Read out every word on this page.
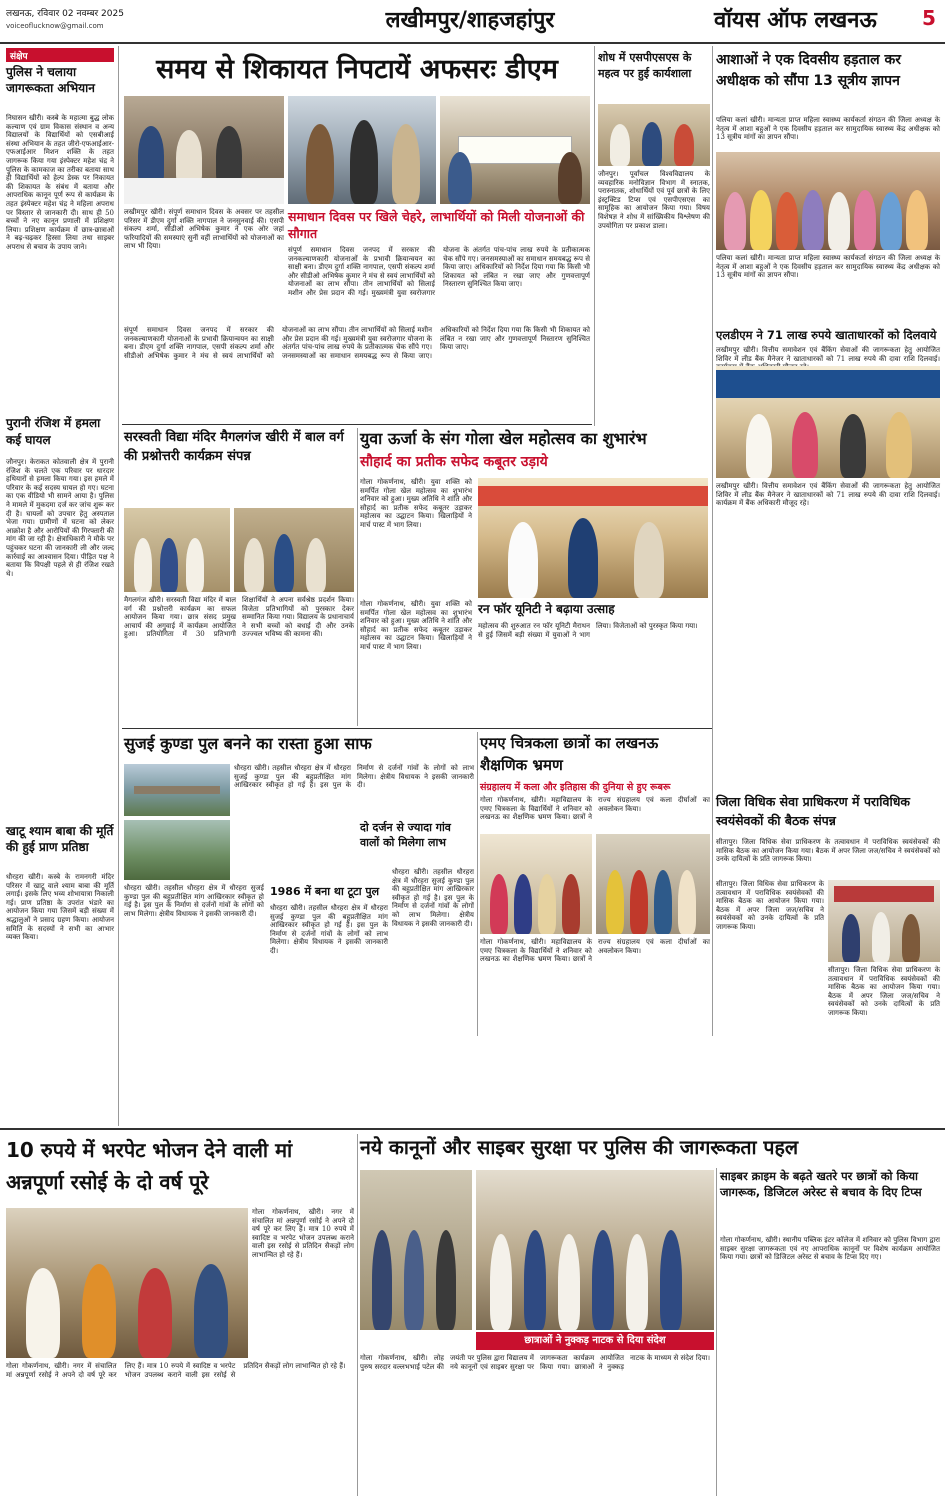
लखनऊ, रविवार 02 नवम्बर 2025
voiceoflucknow@gmail.com	लखीमपुर/शाहजहांपुर	वॉयस ऑफ लखनऊ	5
संक्षेप
पुलिस ने चलाया जागरूकता अभियान
निघासन खीरी। कस्बे के महात्मा बुद्ध लोक कल्याण एवं ग्राम विकास संस्थान व अन्य विद्यालयों के विद्यार्थियों को एसबीआई संस्था अभियान के तहत जीरो-एफआईआर-एफआईआर मिशन शक्ति के तहत जागरूक किया गया इंस्पेक्टर महेश चंद्र ने पुलिस के कामकाज का तरीका बताया साथ ही विद्यार्थियों को हेल्प डेस्क पर निकायत की शिकायत के संबंध में बताया और आपराधिक कानून पूर्ण रूप से कार्यक्रम के तहत इंस्पेक्टर महेश चंद्र ने महिला अपराध पर विस्तार से जानकारी दी। साथ ही 50 बच्चों ने नए कानून प्रणाली में प्रशिक्षण लिया। प्रशिक्षण कार्यक्रम में छात्र-छात्राओं ने बढ़-चढ़कर हिस्सा लिया तथा साइबर अपराध से बचाव के उपाय जाने।
पुरानी रंजिश में हमला कई घायल
जौनपुर। केराकत कोतवाली क्षेत्र में पुरानी रंजिश के चलते एक परिवार पर धारदार हथियारों से हमला किया गया। इस हमले में परिवार के कई सदस्य घायल हो गए। घटना का एक वीडियो भी सामने आया है। पुलिस ने मामले में मुकदमा दर्ज कर जांच शुरू कर दी है। घायलों को उपचार हेतु अस्पताल भेजा गया। ग्रामीणों में घटना को लेकर आक्रोश है और आरोपियों की गिरफ्तारी की मांग की जा रही है। क्षेत्राधिकारी ने मौके पर पहुंचकर घटना की जानकारी ली और जल्द कार्रवाई का आश्वासन दिया। पीड़ित पक्ष ने बताया कि विपक्षी पहले से ही रंजिश रखते थे।
खाटू श्याम बाबा की मूर्ति की हुई प्राण प्रतिष्ठा
धौरहरा खीरी। कस्बे के रामनगरी मंदिर परिसर में खाटू वाले श्याम बाबा की मूर्ति लगाई। इसके लिए भव्य शोभायात्रा निकाली गई। प्राण प्रतिष्ठा के उपरांत भंडारे का आयोजन किया गया जिसमें बड़ी संख्या में श्रद्धालुओं ने प्रसाद ग्रहण किया। आयोजन समिति के सदस्यों ने सभी का आभार व्यक्त किया।
समय से शिकायत निपटायें अफसरः डीएम
लखीमपुर खीरी। संपूर्ण समाधान दिवस के अवसर पर तहसील परिसर में डीएम दुर्गा शक्ति नागपाल ने जनसुनवाई की। एसपी संकल्प शर्मा, सीडीओ अभिषेक कुमार ने एक ओर जहां फरियादियों की समस्याएं सुनीं वहीं लाभार्थियों को योजनाओं का लाभ भी दिया।
समाधान दिवस पर खिले चेहरे, लाभार्थियों को मिली योजनाओं की सौगात
संपूर्ण समाधान दिवस जनपद में सरकार की जनकल्याणकारी योजनाओं के प्रभावी क्रियान्वयन का साक्षी बना। डीएम दुर्गा शक्ति नागपाल, एसपी संकल्प शर्मा और सीडीओ अभिषेक कुमार ने मंच से स्वयं लाभार्थियों को योजनाओं का लाभ सौंपा। तीन लाभार्थियों को सिलाई मशीन और प्रेस प्रदान की गई। मुख्यमंत्री युवा स्वरोजगार योजना के अंतर्गत पांच-पांच लाख रुपये के प्रतीकात्मक चेक सौंपे गए। जनसमस्याओं का समाधान समयबद्ध रूप से किया जाए। अधिकारियों को निर्देश दिया गया कि किसी भी शिकायत को लंबित न रखा जाए और गुणवत्तापूर्ण निस्तारण सुनिश्चित किया जाए।
संपूर्ण समाधान दिवस जनपद में सरकार की जनकल्याणकारी योजनाओं के प्रभावी क्रियान्वयन का साक्षी बना। डीएम दुर्गा शक्ति नागपाल, एसपी संकल्प शर्मा और सीडीओ अभिषेक कुमार ने मंच से स्वयं लाभार्थियों को योजनाओं का लाभ सौंपा। तीन लाभार्थियों को सिलाई मशीन और प्रेस प्रदान की गई। मुख्यमंत्री युवा स्वरोजगार योजना के अंतर्गत पांच-पांच लाख रुपये के प्रतीकात्मक चेक सौंपे गए। जनसमस्याओं का समाधान समयबद्ध रूप से किया जाए। अधिकारियों को निर्देश दिया गया कि किसी भी शिकायत को लंबित न रखा जाए और गुणवत्तापूर्ण निस्तारण सुनिश्चित किया जाए।
सरस्वती विद्या मंदिर मैगलगंज खीरी में बाल वर्ग की प्रश्नोत्तरी कार्यक्रम संपन्न
मैगलगंज खीरी। सरस्वती विद्या मंदिर में बाल वर्ग की प्रश्नोत्तरी कार्यक्रम का सफल आयोजन किया गया। छात्र संसद प्रमुख आचार्य की अगुवाई में कार्यक्रम आयोजित हुआ। प्रतियोगिता में 30 प्रतिभागी शिक्षार्थियों ने अपना सर्वश्रेष्ठ प्रदर्शन किया। विजेता प्रतिभागियों को पुरस्कार देकर सम्मानित किया गया। विद्यालय के प्रधानाचार्य ने सभी बच्चों को बधाई दी और उनके उज्ज्वल भविष्य की कामना की।
युवा ऊर्जा के संग गोला खेल महोत्सव का शुभारंभ
सौहार्द का प्रतीक सफेद कबूतर उड़ाये
गोला गोकर्णनाथ, खीरी। युवा शक्ति को समर्पित गोला खेल महोत्सव का शुभारंभ शनिवार को हुआ। मुख्य अतिथि ने शांति और सौहार्द का प्रतीक सफेद कबूतर उड़ाकर महोत्सव का उद्घाटन किया। खिलाड़ियों ने मार्च पास्ट में भाग लिया।
रन फॉर यूनिटी ने बढ़ाया उत्साह
महोत्सव की शुरुआत रन फॉर यूनिटी मैराथन से हुई जिसमें बड़ी संख्या में युवाओं ने भाग लिया। विजेताओं को पुरस्कृत किया गया।
गोला गोकर्णनाथ, खीरी। युवा शक्ति को समर्पित गोला खेल महोत्सव का शुभारंभ शनिवार को हुआ। मुख्य अतिथि ने शांति और सौहार्द का प्रतीक सफेद कबूतर उड़ाकर महोत्सव का उद्घाटन किया। खिलाड़ियों ने मार्च पास्ट में भाग लिया।
सुजई कुण्डा पुल बनने का रास्ता हुआ साफ
धौरहरा खीरी। तहसील धौरहरा क्षेत्र में धौरहरा सुजई कुण्डा पुल की बहुप्रतीक्षित मांग आखिरकार स्वीकृत हो गई है। इस पुल के निर्माण से दर्जनों गांवों के लोगों को लाभ मिलेगा। क्षेत्रीय विधायक ने इसकी जानकारी दी।
धौरहरा खीरी। तहसील धौरहरा क्षेत्र में धौरहरा सुजई कुण्डा पुल की बहुप्रतीक्षित मांग आखिरकार स्वीकृत हो गई है। इस पुल के निर्माण से दर्जनों गांवों के लोगों को लाभ मिलेगा। क्षेत्रीय विधायक ने इसकी जानकारी दी।
1986 में बना था टूटा पुल
धौरहरा खीरी। तहसील धौरहरा क्षेत्र में धौरहरा सुजई कुण्डा पुल की बहुप्रतीक्षित मांग आखिरकार स्वीकृत हो गई है। इस पुल के निर्माण से दर्जनों गांवों के लोगों को लाभ मिलेगा। क्षेत्रीय विधायक ने इसकी जानकारी दी।
दो दर्जन से ज्यादा गांव वालों को मिलेगा लाभ
धौरहरा खीरी। तहसील धौरहरा क्षेत्र में धौरहरा सुजई कुण्डा पुल की बहुप्रतीक्षित मांग आखिरकार स्वीकृत हो गई है। इस पुल के निर्माण से दर्जनों गांवों के लोगों को लाभ मिलेगा। क्षेत्रीय विधायक ने इसकी जानकारी दी।
एमए चित्रकला छात्रों का लखनऊ शैक्षणिक भ्रमण
संग्रहालय में कला और इतिहास की दुनिया से हुए रूबरू
गोला गोकर्णनाथ, खीरी। महाविद्यालय के एमए चित्रकला के विद्यार्थियों ने शनिवार को लखनऊ का शैक्षणिक भ्रमण किया। छात्रों ने राज्य संग्रहालय एवं कला दीर्घाओं का अवलोकन किया।
गोला गोकर्णनाथ, खीरी। महाविद्यालय के एमए चित्रकला के विद्यार्थियों ने शनिवार को लखनऊ का शैक्षणिक भ्रमण किया। छात्रों ने राज्य संग्रहालय एवं कला दीर्घाओं का अवलोकन किया।
शोध में एसपीएसएस के महत्व पर हुई कार्यशाला
जौनपुर। पूर्वांचल विश्वविद्यालय के व्यवहारिक मनोविज्ञान विभाग में स्नातक, परास्नातक, शोधार्थियों एवं पूर्व छात्रों के लिए इंस्ट्रक्टिड टिप्स एवं एसपीएसएस का सामूहिक का आयोजन किया गया। विषय विशेषज्ञ ने शोध में सांख्यिकीय विश्लेषण की उपयोगिता पर प्रकाश डाला।
आशाओं ने एक दिवसीय हड़ताल कर अधीक्षक को सौंपा 13 सूत्रीय ज्ञापन
पलिया कलां खीरी। मान्यता प्राप्त महिला स्वास्थ्य कार्यकर्ता संगठन की जिला अध्यक्ष के नेतृत्व में आशा बहुओं ने एक दिवसीय हड़ताल कर सामुदायिक स्वास्थ्य केंद्र अधीक्षक को 13 सूत्रीय मांगों का ज्ञापन सौंपा।
पलिया कलां खीरी। मान्यता प्राप्त महिला स्वास्थ्य कार्यकर्ता संगठन की जिला अध्यक्ष के नेतृत्व में आशा बहुओं ने एक दिवसीय हड़ताल कर सामुदायिक स्वास्थ्य केंद्र अधीक्षक को 13 सूत्रीय मांगों का ज्ञापन सौंपा।
एलडीएम ने 71 लाख रुपये खाताधारकों को दिलवाये
लखीमपुर खीरी। वित्तीय समावेशन एवं बैंकिंग सेवाओं की जागरूकता हेतु आयोजित शिविर में लीड बैंक मैनेजर ने खाताधारकों को 71 लाख रुपये की दावा राशि दिलवाई।
लखीमपुर खीरी। वित्तीय समावेशन एवं बैंकिंग सेवाओं की जागरूकता हेतु आयोजित शिविर में लीड बैंक मैनेजर ने खाताधारकों को 71 लाख रुपये की दावा राशि दिलवाई। कार्यक्रम में बैंक अधिकारी मौजूद रहे।
जिला विधिक सेवा प्राधिकरण में पराविधिक स्वयंसेवकों की बैठक संपन्न
सीतापुर। जिला विधिक सेवा प्राधिकरण के तत्वावधान में पराविधिक स्वयंसेवकों की मासिक बैठक का आयोजन किया गया। बैठक में अपर जिला जज/सचिव ने स्वयंसेवकों को उनके दायित्वों के प्रति जागरूक किया।
सीतापुर। जिला विधिक सेवा प्राधिकरण के तत्वावधान में पराविधिक स्वयंसेवकों की मासिक बैठक का आयोजन किया गया। बैठक में अपर जिला जज/सचिव ने स्वयंसेवकों को उनके दायित्वों के प्रति जागरूक किया।
सीतापुर। जिला विधिक सेवा प्राधिकरण के तत्वावधान में पराविधिक स्वयंसेवकों की मासिक बैठक का आयोजन किया गया। बैठक में अपर जिला जज/सचिव ने स्वयंसेवकों को उनके दायित्वों के प्रति जागरूक किया।
10 रुपये में भरपेट भोजन देने वाली मां अन्नपूर्णा रसोई के दो वर्ष पूरे
गोला गोकर्णनाथ, खीरी। नगर में संचालित मां अन्नपूर्णा रसोई ने अपने दो वर्ष पूरे कर लिए हैं। मात्र 10 रुपये में स्वादिष्ट व भरपेट भोजन उपलब्ध कराने वाली इस रसोई से प्रतिदिन सैकड़ों लोग लाभान्वित हो रहे हैं।
गोला गोकर्णनाथ, खीरी। नगर में संचालित मां अन्नपूर्णा रसोई ने अपने दो वर्ष पूरे कर लिए हैं। मात्र 10 रुपये में स्वादिष्ट व भरपेट भोजन उपलब्ध कराने वाली इस रसोई से प्रतिदिन सैकड़ों लोग लाभान्वित हो रहे हैं।
नये कानूनों और साइबर सुरक्षा पर पुलिस की जागरूकता पहल
छात्राओं ने नुक्कड़ नाटक से दिया संदेश
गोला गोकर्णनाथ, खीरी। लोह पुरुष सरदार वल्लभभाई पटेल की जयंती पर पुलिस द्वारा विद्यालय में नये कानूनों एवं साइबर सुरक्षा पर जागरूकता कार्यक्रम आयोजित किया गया। छात्राओं ने नुक्कड़ नाटक के माध्यम से संदेश दिया।
साइबर क्राइम के बढ़ते खतरे पर छात्रों को किया जागरूक, डिजिटल अरेस्ट से बचाव के दिए टिप्स
गोला गोकर्णनाथ, खीरी। स्थानीय पब्लिक इंटर कॉलेज में शनिवार को पुलिस विभाग द्वारा साइबर सुरक्षा जागरूकता एवं नए आपराधिक कानूनों पर विशेष कार्यक्रम आयोजित किया गया। छात्रों को डिजिटल अरेस्ट से बचाव के टिप्स दिए गए।
